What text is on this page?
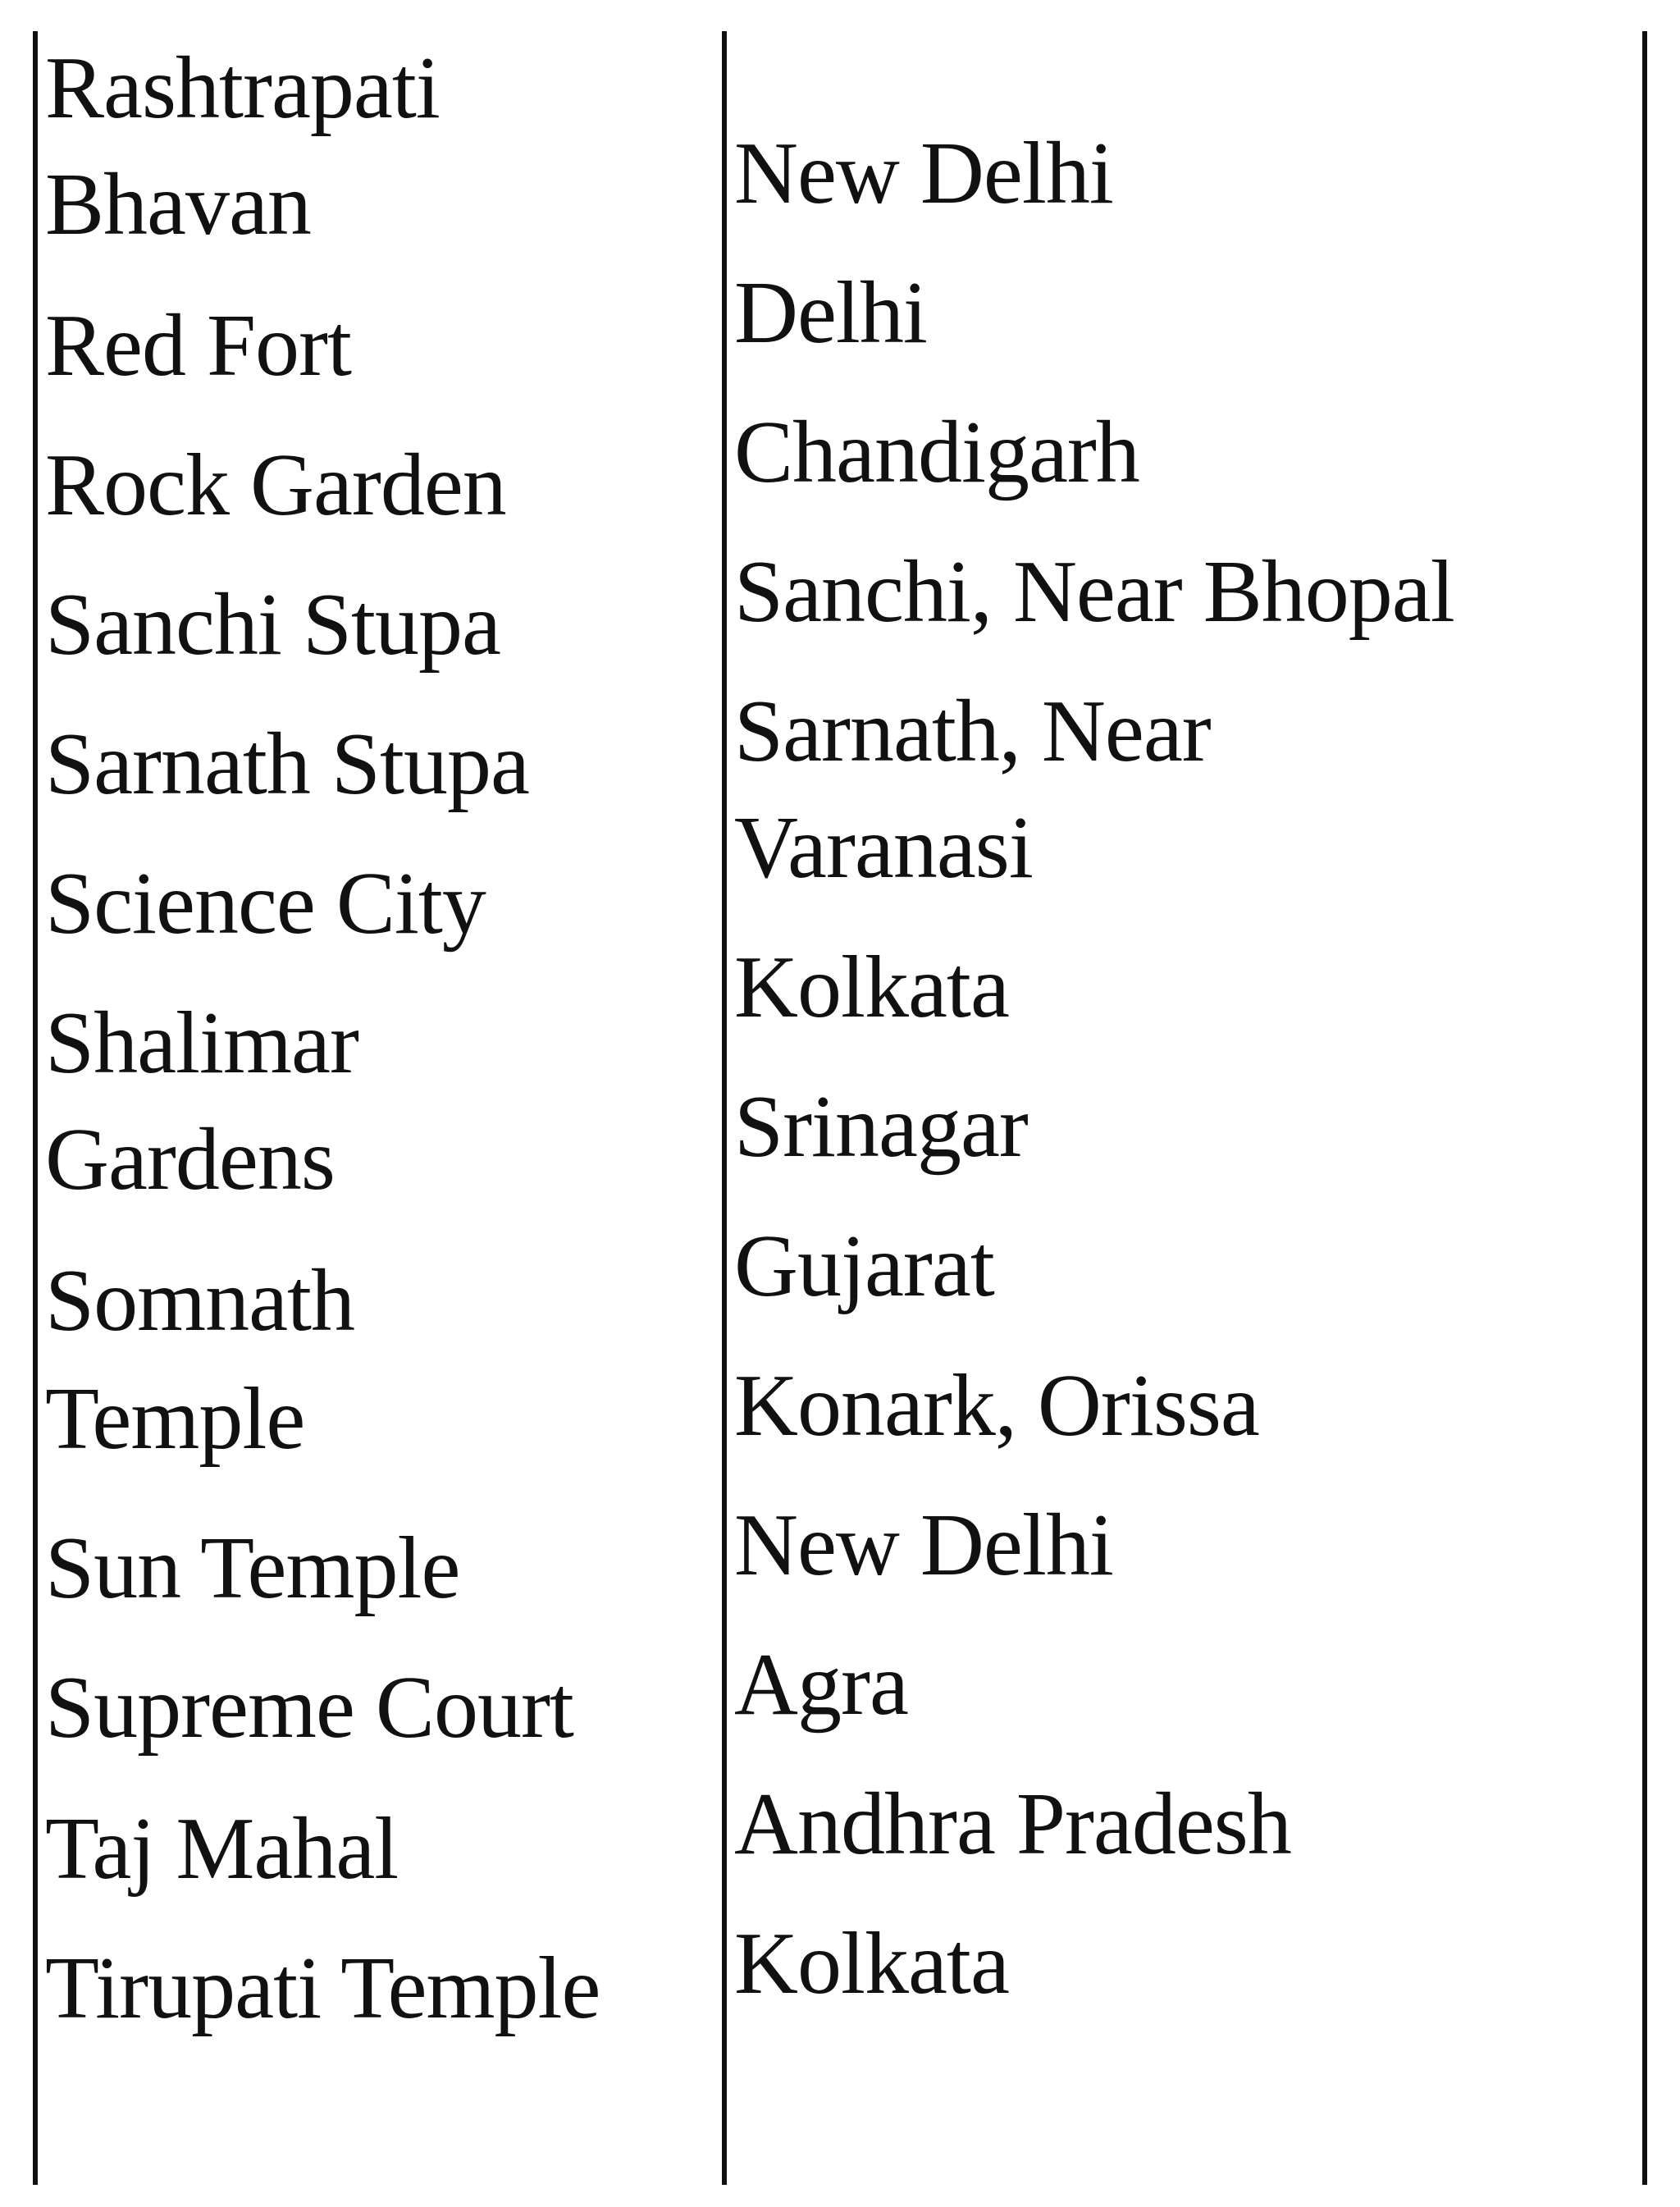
Rashtrapati
Bhavan
Red Fort
Rock Garden
Sanchi Stupa
Sarnath Stupa
Science City
Shalimar
Gardens
Somnath
Temple
Sun Temple
Supreme Court
Taj Mahal
Tirupati Temple
New Delhi
Delhi
Chandigarh
Sanchi, Near Bhopal
Sarnath, Near
Varanasi
Kolkata
Srinagar
Gujarat
Konark, Orissa
New Delhi
Agra
Andhra Pradesh
Kolkata
